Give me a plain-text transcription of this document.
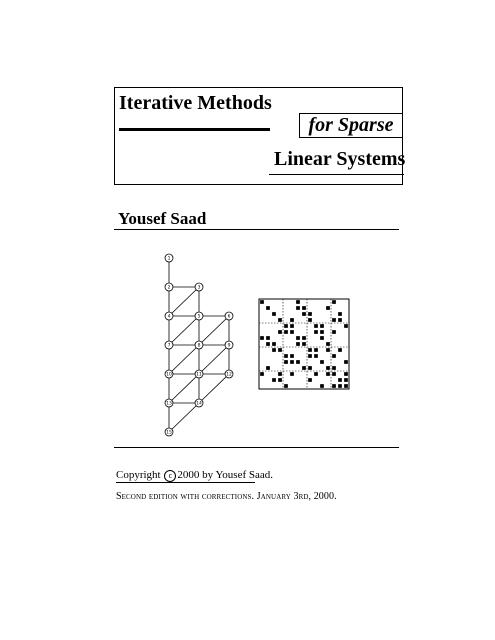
Iterative Methods
for Sparse
Linear Systems
Yousef Saad
1
2	3
4	5	6
7	8	9
10	11	12
13	14
15
Copyright c 2000 by Yousef Saad.
Second edition with corrections. January 3rd, 2000.
